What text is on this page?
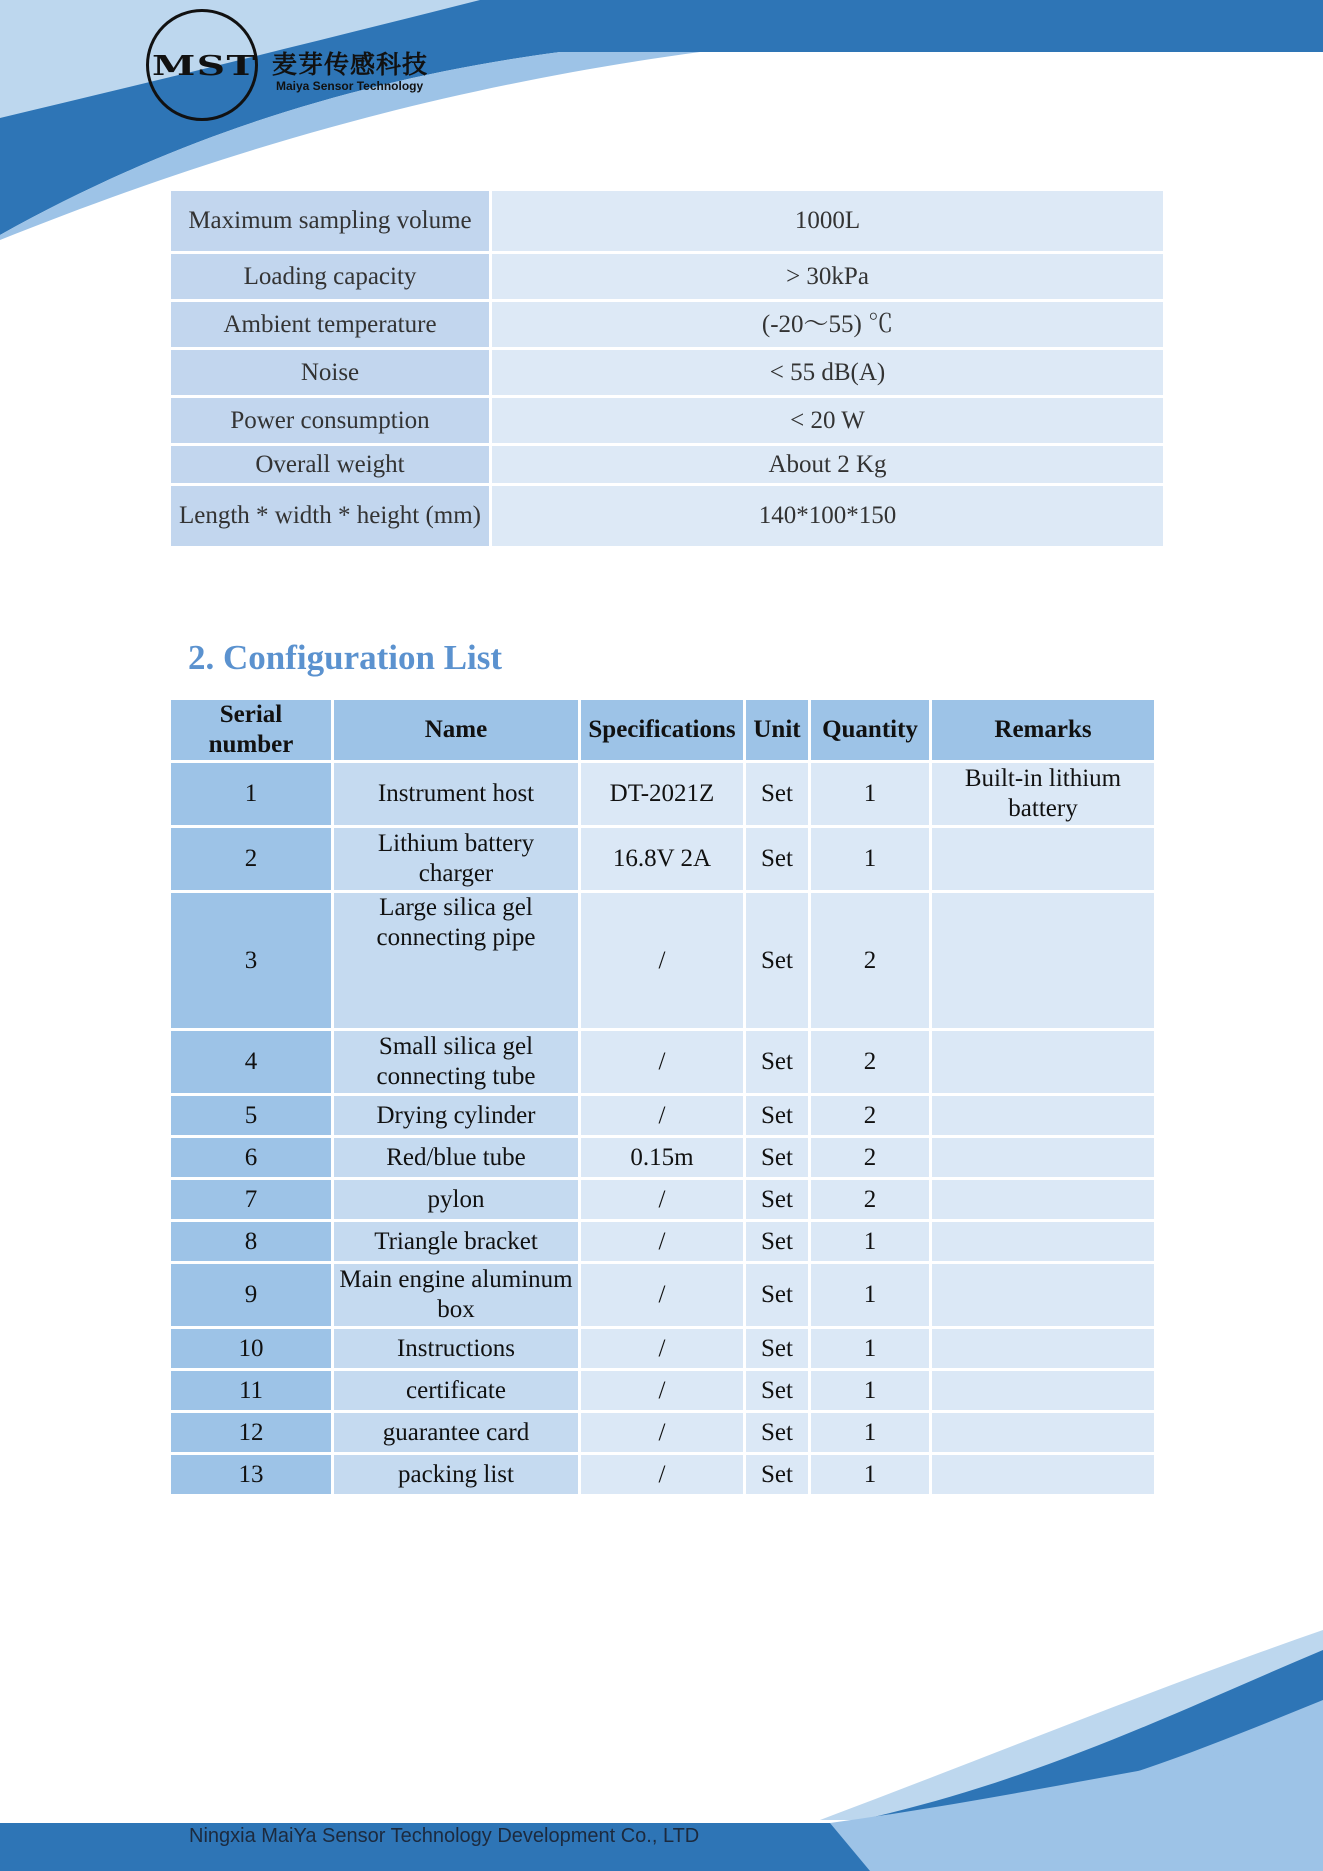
MST 麦芽传感科技
Maiya Sensor Technology
Maximum sampling volume	1000L
Loading capacity	> 30kPa
Ambient temperature	(-20～55) ℃
Noise	< 55 dB(A)
Power consumption	< 20 W
Overall weight	About 2 Kg
Length * width * height (mm)	140*100*150
2. Configuration List
Serial number	Name	Specifications	Unit	Quantity	Remarks
1	Instrument host	DT-2021Z	Set	1	Built-in lithium battery
2	Lithium battery charger	16.8V 2A	Set	1	
3	Large silica gel connecting pipe	/	Set	2	
4	Small silica gel connecting tube	/	Set	2	
5	Drying cylinder	/	Set	2	
6	Red/blue tube	0.15m	Set	2	
7	pylon	/	Set	2	
8	Triangle bracket	/	Set	1	
9	Main engine aluminum box	/	Set	1	
10	Instructions	/	Set	1	
11	certificate	/	Set	1	
12	guarantee card	/	Set	1	
13	packing list	/	Set	1	
Ningxia MaiYa Sensor Technology Development Co., LTD
